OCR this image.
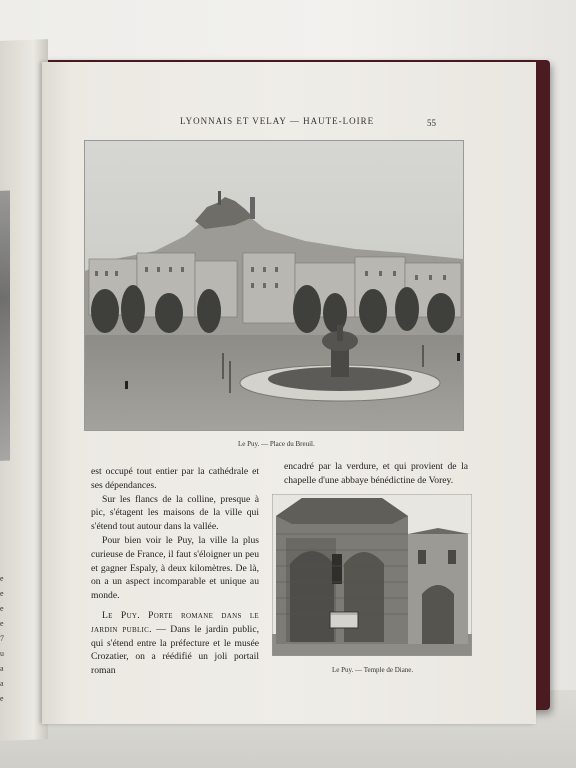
e e e e 7 u a a e
LYONNAIS ET VELAY — HAUTE-LOIRE	55
Le Puy. — Place du Breuil.

est occupé tout entier par la cathédrale et ses dépendances.

Sur les flancs de la colline, presque à pic, s'étagent les maisons de la ville qui s'étend tout autour dans la vallée.

Pour bien voir le Puy, la ville la plus curieuse de France, il faut s'éloigner un peu et gagner Espaly, à deux kilomètres. De là, on a un aspect incomparable et unique au monde.

Le Puy. Porte romane dans le jardin public. — Dans le jardin public, qui s'étend entre la préfecture et le musée Crozatier, on a réédifié un joli portail roman

encadré par la verdure, et qui provient de la chapelle d'une abbaye bénédictine de Vorey.

Le Puy. — Temple de Diane.
